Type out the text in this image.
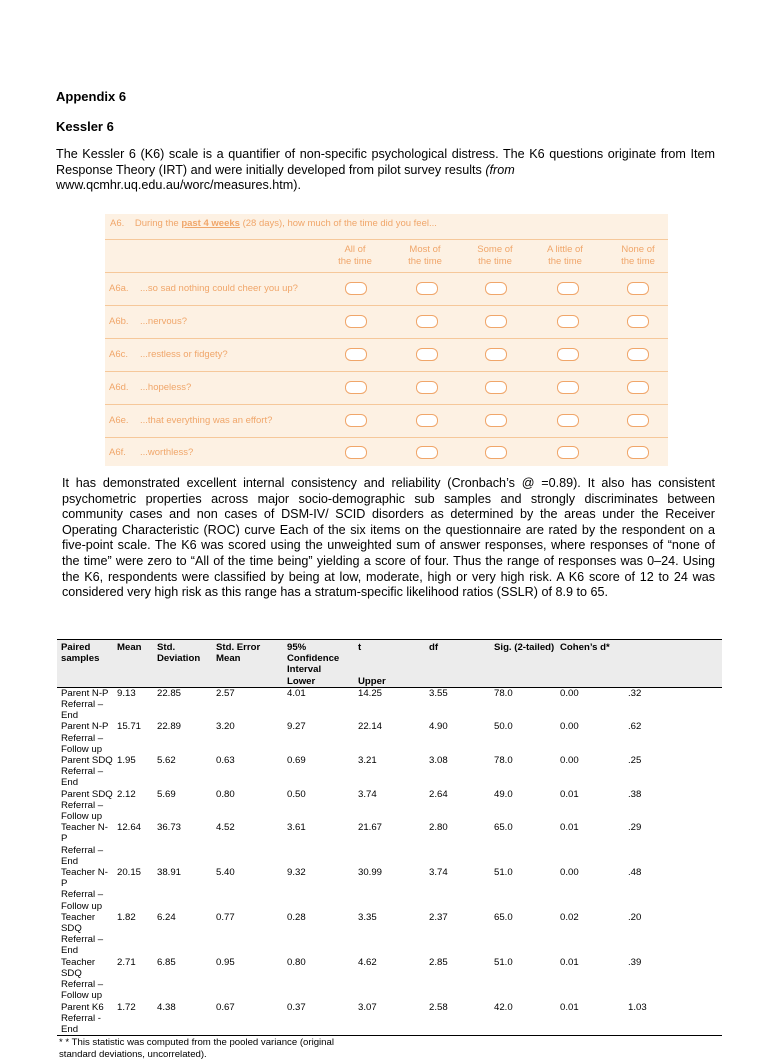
Appendix 6
Kessler 6

The Kessler 6 (K6) scale is a quantifier of non-specific psychological distress. The K6 questions originate from Item Response Theory (IRT) and were initially developed from pilot survey results (from
www.qcmhr.uq.edu.au/worc/measures.htm).

A6. During the past 4 weeks (28 days), how much of the time did you feel...
All of
the time
Most of
the time
Some of
the time
A little of
the time
None of
the time
A6a. ...so sad nothing could cheer you up?
A6b. ...nervous?
A6c. ...restless or fidgety?
A6d. ...hopeless?
A6e. ...that everything was an effort?
A6f. ...worthless?

It has demonstrated excellent internal consistency and reliability (Cronbach’s @ =0.89). It also has consistent psychometric properties across major socio-demographic sub samples and strongly discriminates between community cases and non cases of DSM-IV/ SCID disorders as determined by the areas under the Receiver Operating Characteristic (ROC) curve Each of the six items on the questionnaire are rated by the respondent on a five-point scale. The K6 was scored using the unweighted sum of answer responses, where responses of “none of the time” were zero to “All of the time being” yielding a score of four. Thus the range of responses was 0–24. Using the K6, respondents were classified by being at low, moderate, high or very high risk. A K6 score of 12 to 24 was considered very high risk as this range has a stratum-specific likelihood ratios (SSLR) of 8.9 to 65.

Paired samples	Mean	Std. Deviation	Std. Error Mean	95% Confidence Interval	t	df	Sig. (2-tailed)	Cohen’s d*	
				Lower	Upper				
Parent N-P
Referral – End	9.13	22.85	2.57	4.01	14.25	3.55	78.0	0.00	.32
Parent N-P
Referral –
Follow up	15.71	22.89	3.20	9.27	22.14	4.90	50.0	0.00	.62
Parent SDQ
Referral – End	1.95	5.62	0.63	0.69	3.21	3.08	78.0	0.00	.25
Parent SDQ
Referral –
Follow up	2.12	5.69	0.80	0.50	3.74	2.64	49.0	0.01	.38
Teacher N-P
Referral – End	12.64	36.73	4.52	3.61	21.67	2.80	65.0	0.01	.29
Teacher N-P
Referral –
Follow up	20.15	38.91	5.40	9.32	30.99	3.74	51.0	0.00	.48
Teacher SDQ
Referral – End	1.82	6.24	0.77	0.28	3.35	2.37	65.0	0.02	.20
Teacher SDQ
Referral –
Follow up	2.71	6.85	0.95	0.80	4.62	2.85	51.0	0.01	.39
Parent K6
Referral - End	1.72	4.38	0.67	0.37	3.07	2.58	42.0	0.01	1.03
* * This statistic was computed from the pooled variance (original
standard deviations, uncorrelated).									
